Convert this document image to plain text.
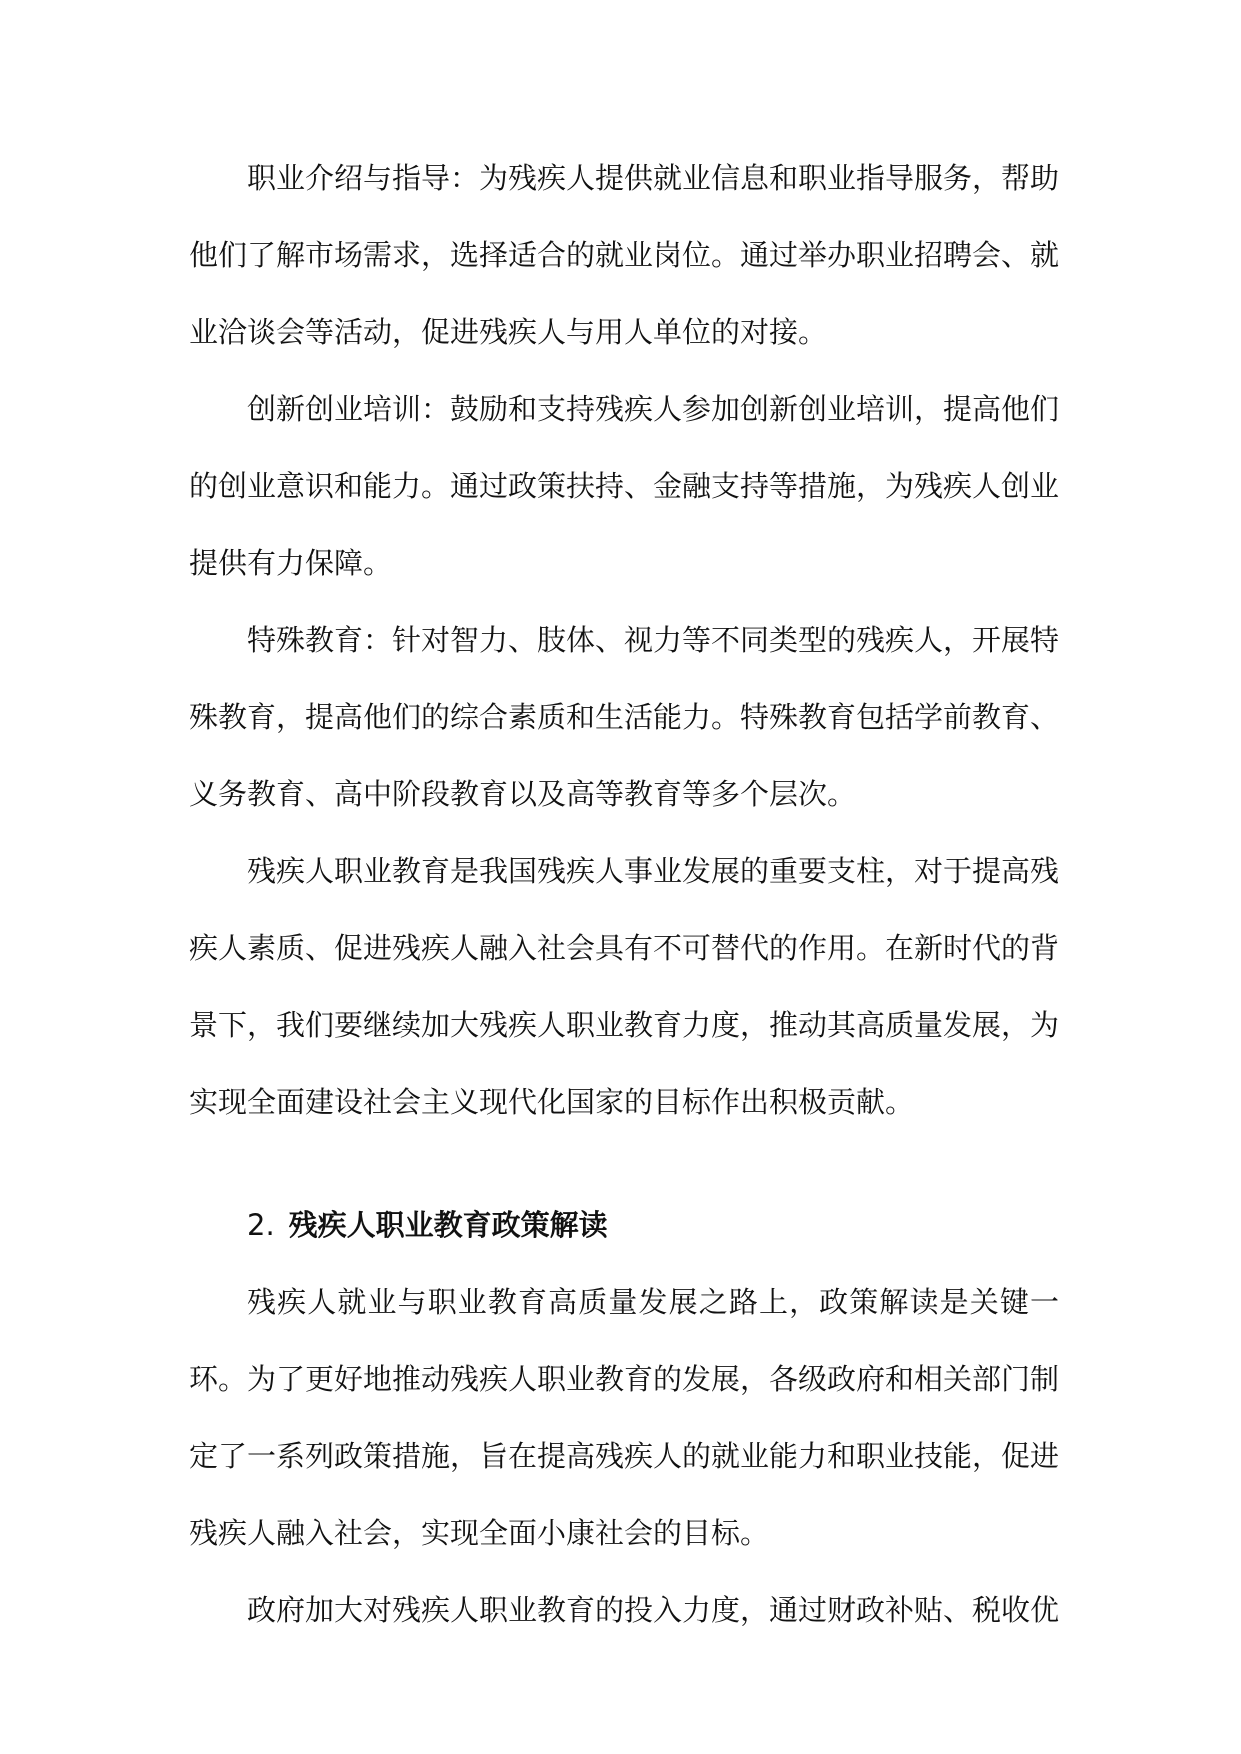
职业介绍与指导：为残疾人提供就业信息和职业指导服务，帮助他们了解市场需求，选择适合的就业岗位。通过举办职业招聘会、就业洽谈会等活动，促进残疾人与用人单位的对接。

创新创业培训：鼓励和支持残疾人参加创新创业培训，提高他们的创业意识和能力。通过政策扶持、金融支持等措施，为残疾人创业提供有力保障。

特殊教育：针对智力、肢体、视力等不同类型的残疾人，开展特殊教育，提高他们的综合素质和生活能力。特殊教育包括学前教育、义务教育、高中阶段教育以及高等教育等多个层次。

残疾人职业教育是我国残疾人事业发展的重要支柱，对于提高残疾人素质、促进残疾人融入社会具有不可替代的作用。在新时代的背景下，我们要继续加大残疾人职业教育力度，推动其高质量发展，为实现全面建设社会主义现代化国家的目标作出积极贡献。

2. 残疾人职业教育政策解读

残疾人就业与职业教育高质量发展之路上，政策解读是关键一环。为了更好地推动残疾人职业教育的发展，各级政府和相关部门制定了一系列政策措施，旨在提高残疾人的就业能力和职业技能，促进残疾人融入社会，实现全面小康社会的目标。

政府加大对残疾人职业教育的投入力度，通过财政补贴、税收优
